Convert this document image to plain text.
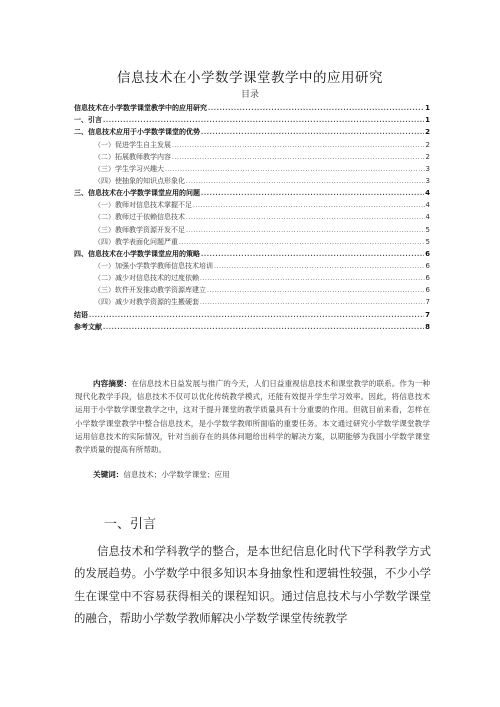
信息技术在小学数学课堂教学中的应用研究
目录
信息技术在小学数学课堂教学中的应用研究 .....	1
一、引言 .....	1
二、信息技术应用于小学数学课堂的优势 .....	2
（一）促进学生自主发展 .....	2
（二）拓展教师教学内容 .....	2
（三）学生学习兴趣大 .....	3
（四）使抽象的知识点形象化 .....	3
三、信息技术在小学数学课堂应用的问题 .....	4
（一）教师对信息技术掌握不足 .....	4
（二）教师过于依赖信息技术 .....	4
（三）教师教学资源开发不足 .....	5
（四）教学表面化问题严重 .....	5
四、信息技术在小学数学课堂应用的策略 .....	6
（一）加强小学数学教师信息技术培训 .....	6
（二）减少对信息技术的过度依赖 .....	6
（三）软件开发推动教学资源库建立 .....	6
（四）减少对教学资源的生搬硬套 .....	7
结语 .....	7
参考文献 .....	8
内容摘要：在信息技术日益发展与推广的今天，人们日益重视信息技术和课堂教学的联系。作为一种现代化教学手段，信息技术不仅可以优化传统教学模式，还能有效提升学生学习效率。因此，将信息技术运用于小学数学课堂教学之中，这对于提升课堂的教学质量具有十分重要的作用。但就目前来看，怎样在小学数学课堂教学中整合信息技术，是小学数学教师所面临的重要任务。本文通过研究小学数学课堂教学运用信息技术的实际情况，针对当前存在的具体问题给出科学的解决方案，以期能够为我国小学数学课堂教学质量的提高有所帮助。
关键词：信息技术；小学数学课堂；应用
一、引言

信息技术和学科教学的整合，是本世纪信息化时代下学科教学方式的发展趋势。小学数学中很多知识本身抽象性和逻辑性较强，不少小学生在课堂中不容易获得相关的课程知识。通过信息技术与小学数学课堂的融合，帮助小学数学教师解决小学数学课堂传统教学
